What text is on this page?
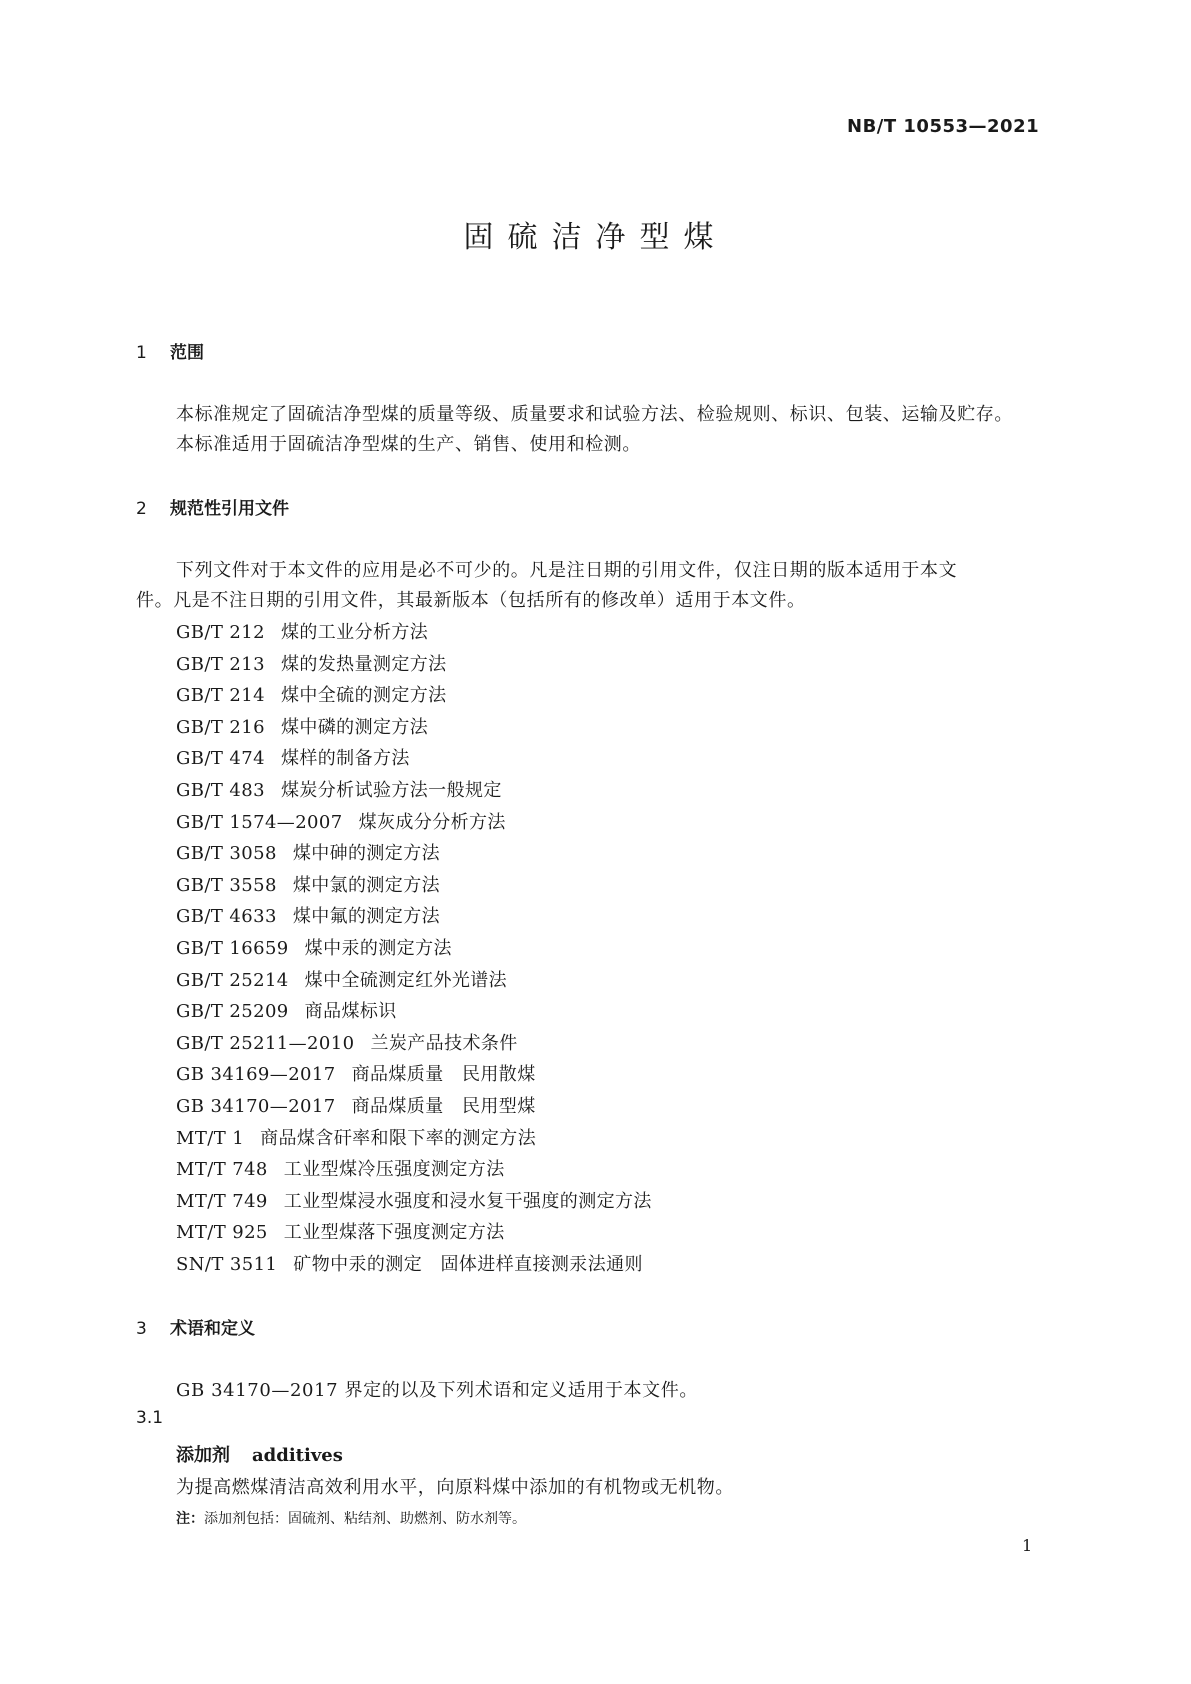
NB/T 10553—2021
固硫洁净型煤
1 范围
本标准规定了固硫洁净型煤的质量等级、质量要求和试验方法、检验规则、标识、包装、运输及贮存。
本标准适用于固硫洁净型煤的生产、销售、使用和检测。
2 规范性引用文件
下列文件对于本文件的应用是必不可少的。凡是注日期的引用文件，仅注日期的版本适用于本文
件。凡是不注日期的引用文件，其最新版本（包括所有的修改单）适用于本文件。
GB/T 212 煤的工业分析方法
GB/T 213 煤的发热量测定方法
GB/T 214 煤中全硫的测定方法
GB/T 216 煤中磷的测定方法
GB/T 474 煤样的制备方法
GB/T 483 煤炭分析试验方法一般规定
GB/T 1574—2007 煤灰成分分析方法
GB/T 3058 煤中砷的测定方法
GB/T 3558 煤中氯的测定方法
GB/T 4633 煤中氟的测定方法
GB/T 16659 煤中汞的测定方法
GB/T 25214 煤中全硫测定红外光谱法
GB/T 25209 商品煤标识
GB/T 25211—2010 兰炭产品技术条件
GB 34169—2017 商品煤质量　民用散煤
GB 34170—2017 商品煤质量　民用型煤
MT/T 1 商品煤含矸率和限下率的测定方法
MT/T 748 工业型煤冷压强度测定方法
MT/T 749 工业型煤浸水强度和浸水复干强度的测定方法
MT/T 925 工业型煤落下强度测定方法
SN/T 3511 矿物中汞的测定　固体进样直接测汞法通则
3 术语和定义
GB 34170—2017 界定的以及下列术语和定义适用于本文件。
3.1
添加剂 additives
为提高燃煤清洁高效利用水平，向原料煤中添加的有机物或无机物。
注：添加剂包括：固硫剂、粘结剂、助燃剂、防水剂等。
1
